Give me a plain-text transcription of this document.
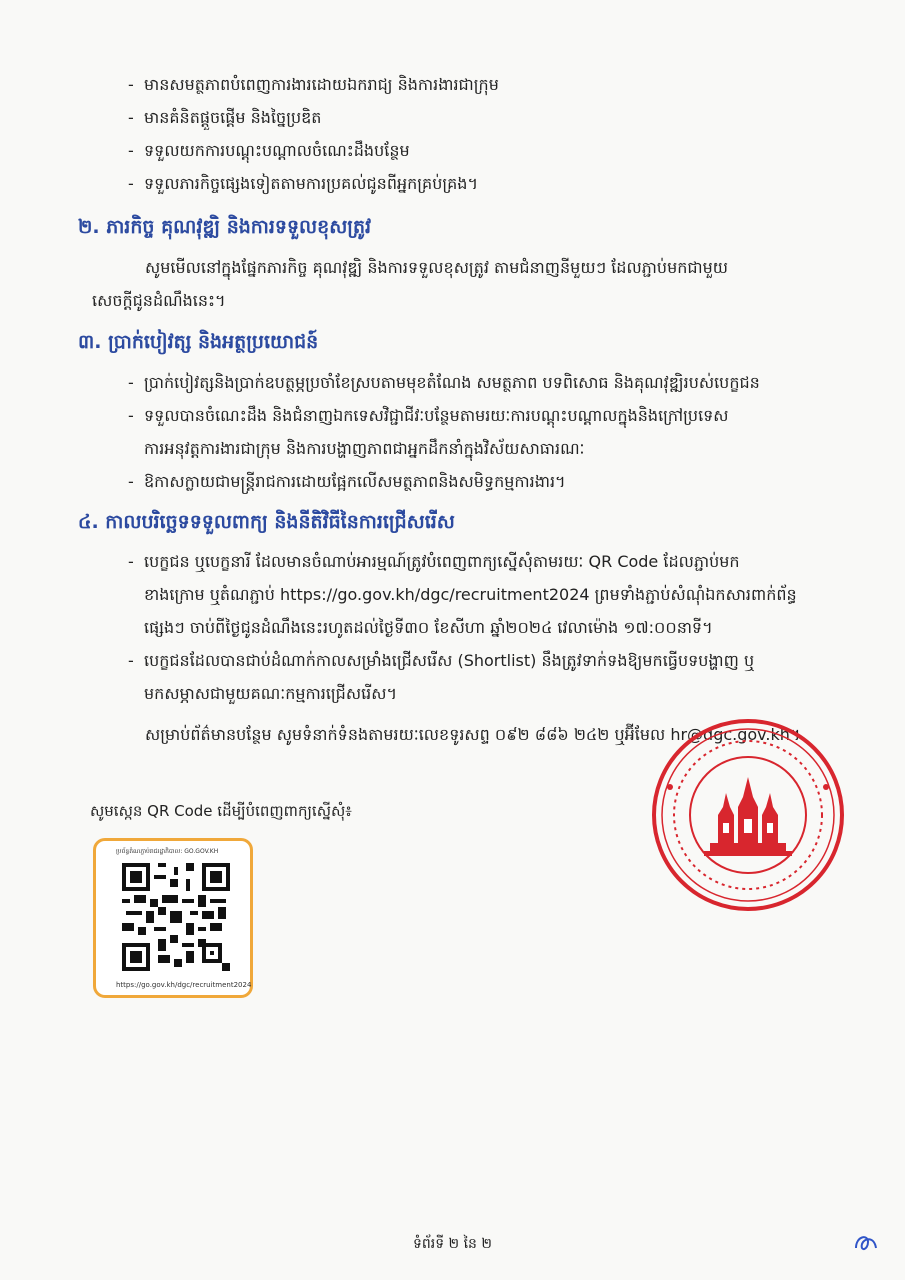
- មានសមត្ថភាពបំពេញការងារដោយឯករាជ្យ និងការងារជាក្រុម
- មានគំនិតផ្តួចផ្តើម និងច្នៃប្រឌិត
- ទទួលយកការបណ្តុះបណ្តាលចំណេះដឹងបន្ថែម
- ទទួលភារកិច្ចផ្សេងទៀតតាមការប្រគល់ជូនពីអ្នកគ្រប់គ្រង។
២. ភារកិច្ច គុណវុឌ្ឍិ និងការទទួលខុសត្រូវ
សូមមើលនៅក្នុងផ្នែកភារកិច្ច គុណវុឌ្ឍិ និងការទទួលខុសត្រូវ តាមជំនាញនីមួយៗ ដែលភ្ជាប់មកជាមួយ
សេចក្តីជូនដំណឹងនេះ។
៣. ប្រាក់បៀវត្ស និងអត្ថប្រយោជន៍
- ប្រាក់បៀវត្សនិងប្រាក់ឧបត្ថម្ភប្រចាំខែស្របតាមមុខតំណែង សមត្ថភាព បទពិសោធ និងគុណវុឌ្ឍិរបស់បេក្ខជន
- ទទួលបានចំណេះដឹង និងជំនាញឯកទេសវិជ្ជាជីវៈបន្ថែមតាមរយៈការបណ្តុះបណ្តាលក្នុងនិងក្រៅប្រទេស
ការអនុវត្តការងារជាក្រុម និងការបង្ហាញភាពជាអ្នកដឹកនាំក្នុងវិស័យសាធារណៈ
- ឱកាសក្លាយជាមន្ត្រីរាជការដោយផ្អែកលើសមត្ថភាពនិងសមិទ្ធកម្មការងារ។
៤. កាលបរិច្ឆេទទទួលពាក្យ និងនីតិវិធីនៃការជ្រើសរើស
- បេក្ខជន ឬបេក្ខនារី ដែលមានចំណាប់អារម្មណ៍ត្រូវបំពេញពាក្យស្នើសុំតាមរយៈ QR Code ដែលភ្ជាប់មក
ខាងក្រោម ឬតំណភ្ជាប់ https://go.gov.kh/dgc/recruitment2024 ព្រមទាំងភ្ជាប់សំណុំឯកសារពាក់ព័ន្ធ
ផ្សេងៗ ចាប់ពីថ្ងៃជូនដំណឹងនេះរហូតដល់ថ្ងៃទី៣០ ខែសីហា ឆ្នាំ២០២៤ វេលាម៉ោង ១៧:០០នាទី។
- បេក្ខជនដែលបានជាប់ដំណាក់កាលសម្រាំងជ្រើសរើស (Shortlist) នឹងត្រូវទាក់ទងឱ្យមកធ្វើបទបង្ហាញ ឬ
មកសម្ភាសជាមួយគណៈកម្មការជ្រើសរើស។
សម្រាប់ព័ត៌មានបន្ថែម សូមទំនាក់ទំនងតាមរយៈលេខទូរសព្ទ ០៩២ ៨៨៦ ២៤២ ឬអ៊ីមែល hr@dgc.gov.kh។
សូមស្កេន QR Code ដើម្បីបំពេញពាក្យស្នើសុំ៖
ប្រព័ន្ធតំណភ្ជាប់រាជរដ្ឋាភិបាល: GO.GOV.KH
https://go.gov.kh/dgc/recruitment2024
ទំព័រទី ២ នៃ ២
